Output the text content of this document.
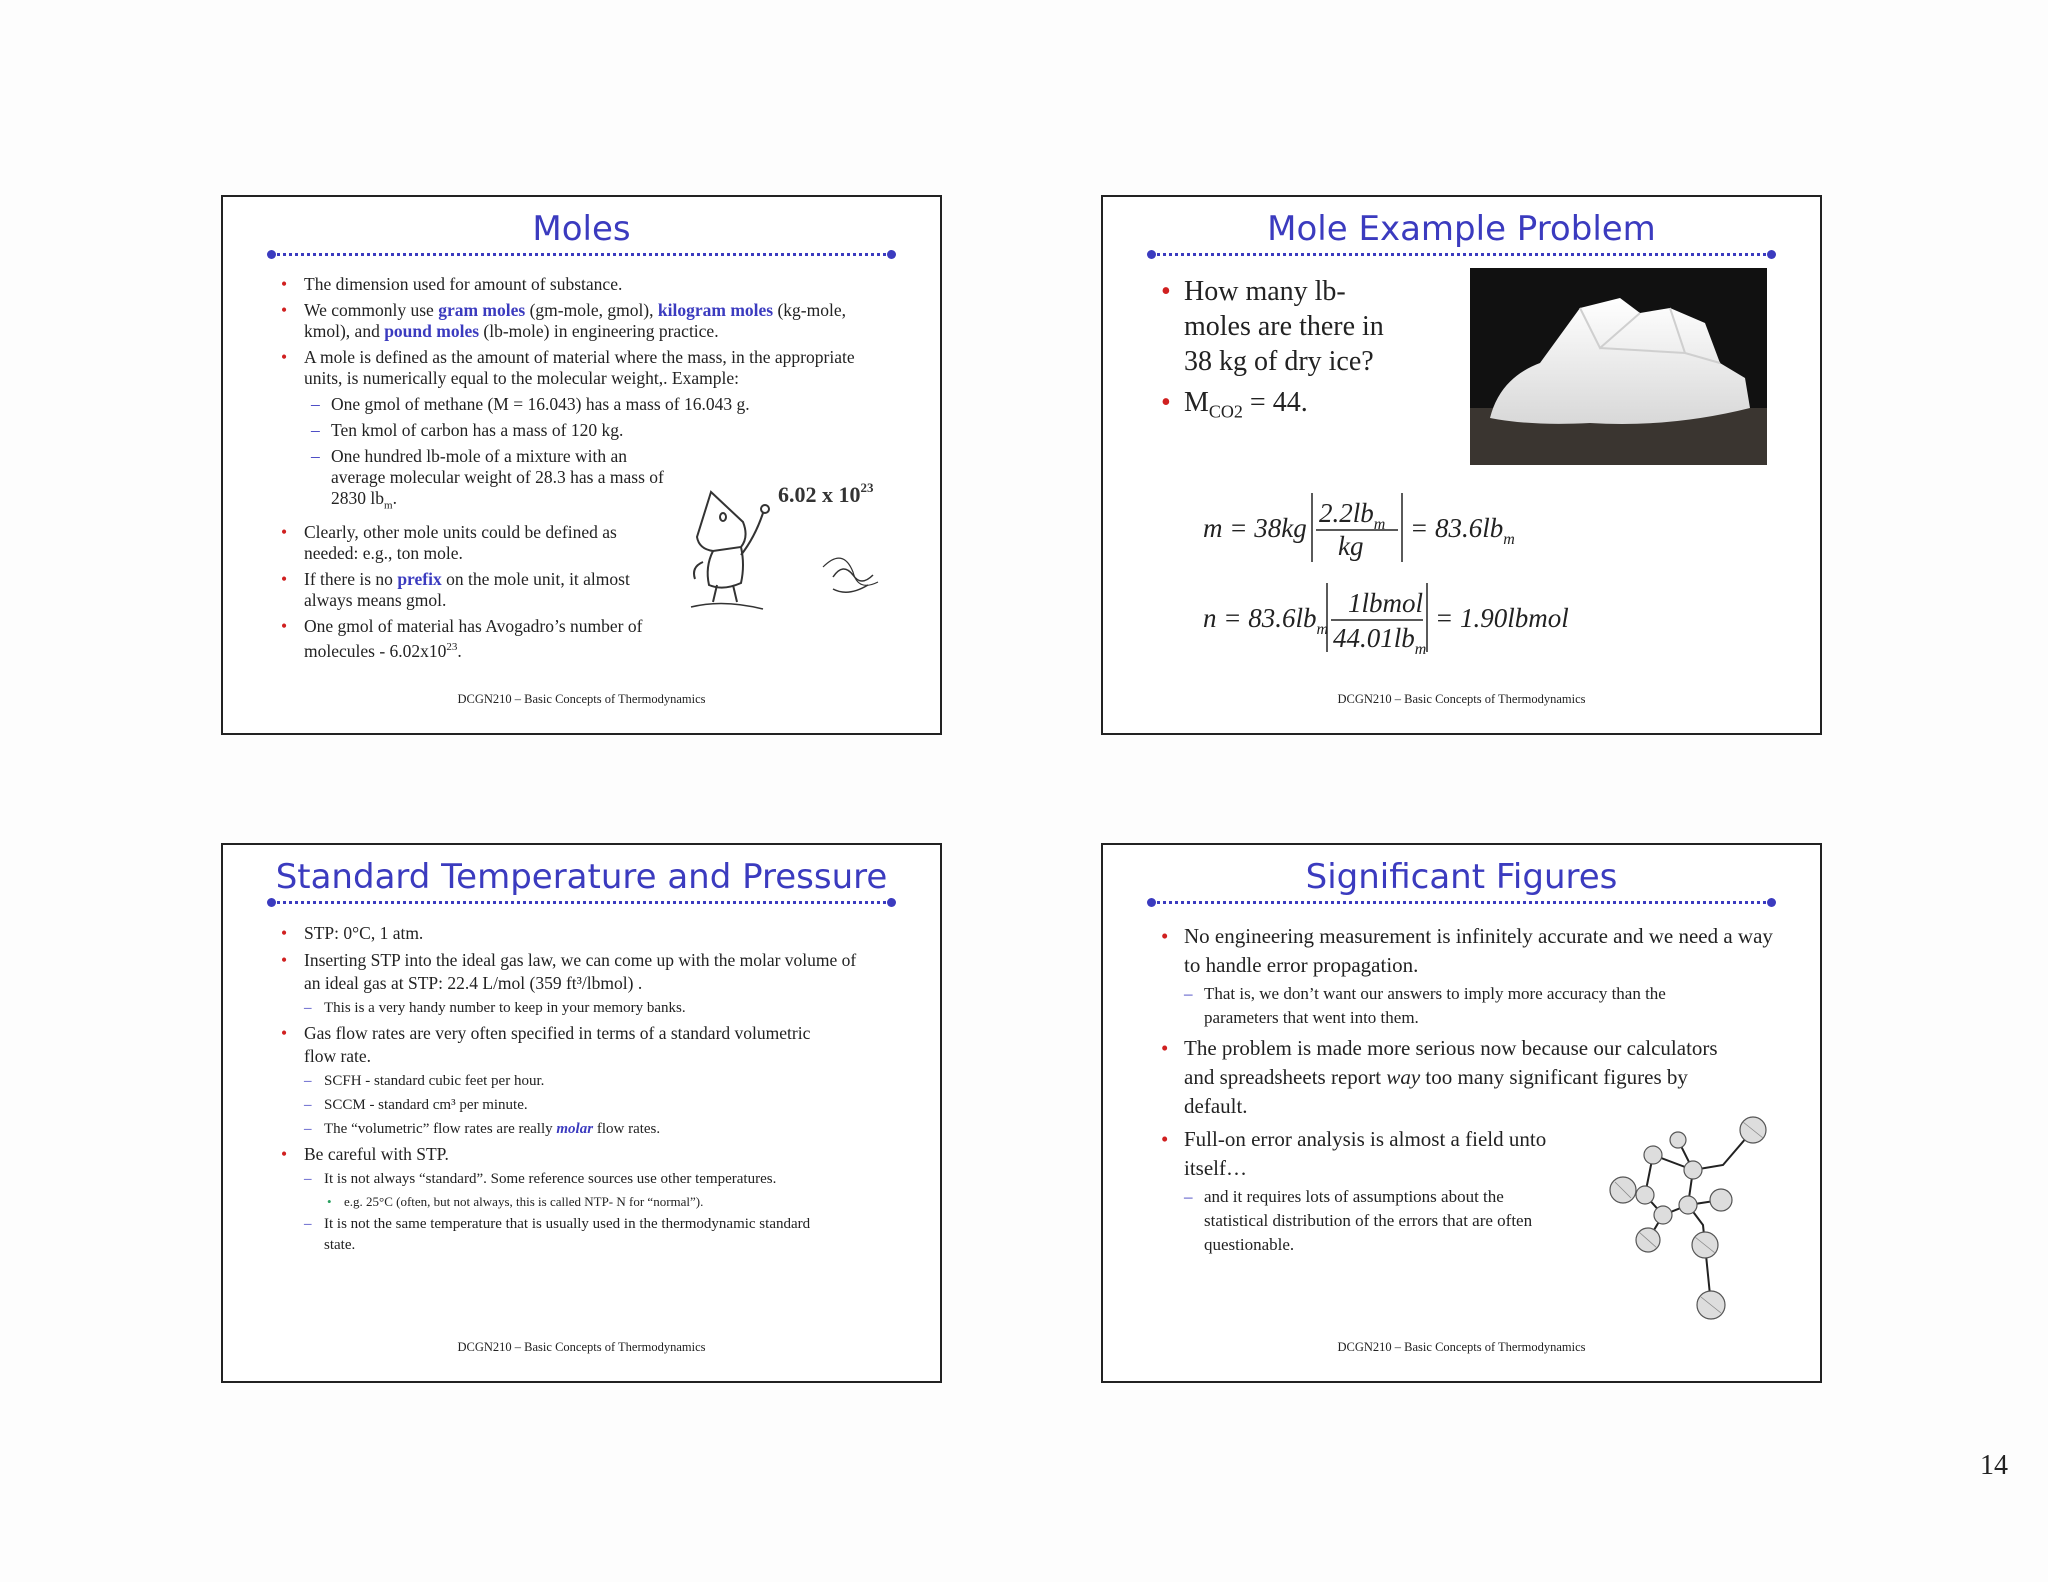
Moles
• The dimension used for amount of substance.
• We commonly use gram moles (gm-mole, gmol), kilogram moles (kg-mole, kmol), and pound moles (lb-mole) in engineering practice.
• A mole is defined as the amount of material where the mass, in the appropriate units, is numerically equal to the molecular weight,. Example:
– One gmol of methane (M = 16.043) has a mass of 16.043 g.
– Ten kmol of carbon has a mass of 120 kg.
– One hundred lb-mole of a mixture with an average molecular weight of 28.3 has a mass of 2830 $lb_m$.
• Clearly, other mole units could be defined as needed: e.g., ton mole.
• If there is no prefix on the mole unit, it almost always means gmol.
• One gmol of material has Avogadro’s number of molecules - $6.02x10^{23}$.
6.02 x $10^{23}$
DCGN210 – Basic Concepts of Thermodynamics
Mole Example Problem
• How many lb-moles are there in 38 kg of dry ice?
• $M_{CO2} = 44$.
m = 38kg $2.2lb_m$
kg
= $83.6lb_m$
$n = 83.6lb_m$
1lbmol
$44.01lb_m$
= 1.90lbmol
DCGN210 – Basic Concepts of Thermodynamics
Standard Temperature and Pressure
• STP: 0°C, 1 atm.
• Inserting STP into the ideal gas law, we can come up with the molar volume of an ideal gas at STP: 22.4 L/mol (359 ft³/lbmol) .
– This is a very handy number to keep in your memory banks.
• Gas flow rates are very often specified in terms of a standard volumetric flow rate.
– SCFH - standard cubic feet per hour.
– SCCM - standard cm³ per minute.
– The “volumetric” flow rates are really molar flow rates.
• Be careful with STP.
– It is not always “standard”. Some reference sources use other temperatures.
• e.g. 25°C (often, but not always, this is called NTP- N for “normal”).
– It is not the same temperature that is usually used in the thermodynamic standard state.
DCGN210 – Basic Concepts of Thermodynamics
Significant Figures
• No engineering measurement is infinitely accurate and we need a way to handle error propagation.
– That is, we don’t want our answers to imply more accuracy than the parameters that went into them.
• The problem is made more serious now because our calculators and spreadsheets report way too many significant figures by default.
• Full-on error analysis is almost a field unto itself…
– and it requires lots of assumptions about the statistical distribution of the errors that are often questionable.
DCGN210 – Basic Concepts of Thermodynamics
14
